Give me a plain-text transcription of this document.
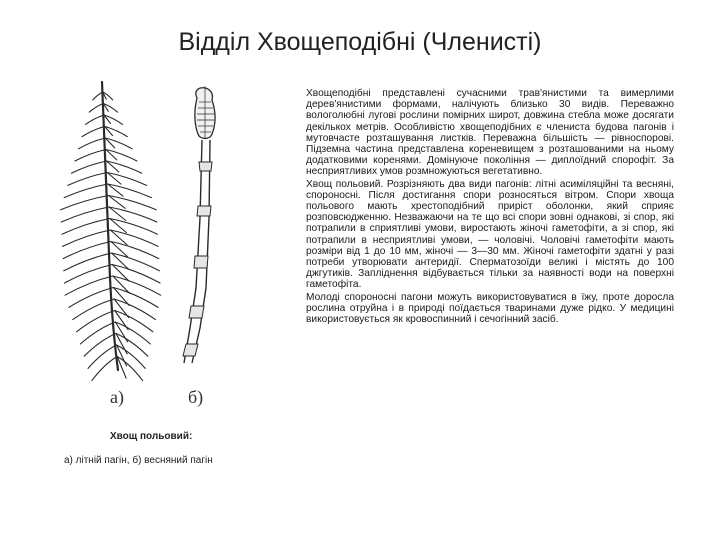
Відділ Хвощеподібні (Членисті)
а)	б)
Хвощ польовий:
а) літній пагін, б) весняний пагін

Хвощеподібні представлені сучасними трав'янистими та вимерлими дерев'янистими формами, налічують близько 30 видів. Переважно вологолюбні лугові рослини помірних широт, довжина стебла може досягати декількох метрів. Особливістю хвощеподібних є члениста будова пагонів і мутовчасте розташування листків. Переважна більшість — рівноспорові. Підземна частина представлена кореневищем з розташованими на ньому додатковими коренями. Домінуюче покоління — диплоїдний спорофіт. За несприятливих умов розмножуються вегетативно.

Хвощ польовий. Розрізняють два види пагонів: літні асиміляційні та весняні, спороносні. Після достигання спори розносяться вітром. Спори хвоща польового мають хрестоподібний приріст оболонки, який сприяє розповсюдженню. Незважаючи на те що всі спори зовні однакові, зі спор, які потрапили в сприятливі умови, виростають жіночі гаметофіти, а зі спор, які потрапили в несприятливі умови, — чоловічі. Чоловічі гаметофіти мають розміри від 1 до 10 мм, жіночі — 3—30 мм. Жіночі гаметофіти здатні у разі потреби утворювати антеридії. Сперматозоїди великі і містять до 100 джгутиків. Запліднення відбувається тільки за наявності води на поверхні гаметофіта.

Молоді спороносні пагони можуть використовуватися в їжу, проте доросла рослина отруйна і в природі поїдається тваринами дуже рідко. У медицині використовується як кровоспинний і сечогінний засіб.
